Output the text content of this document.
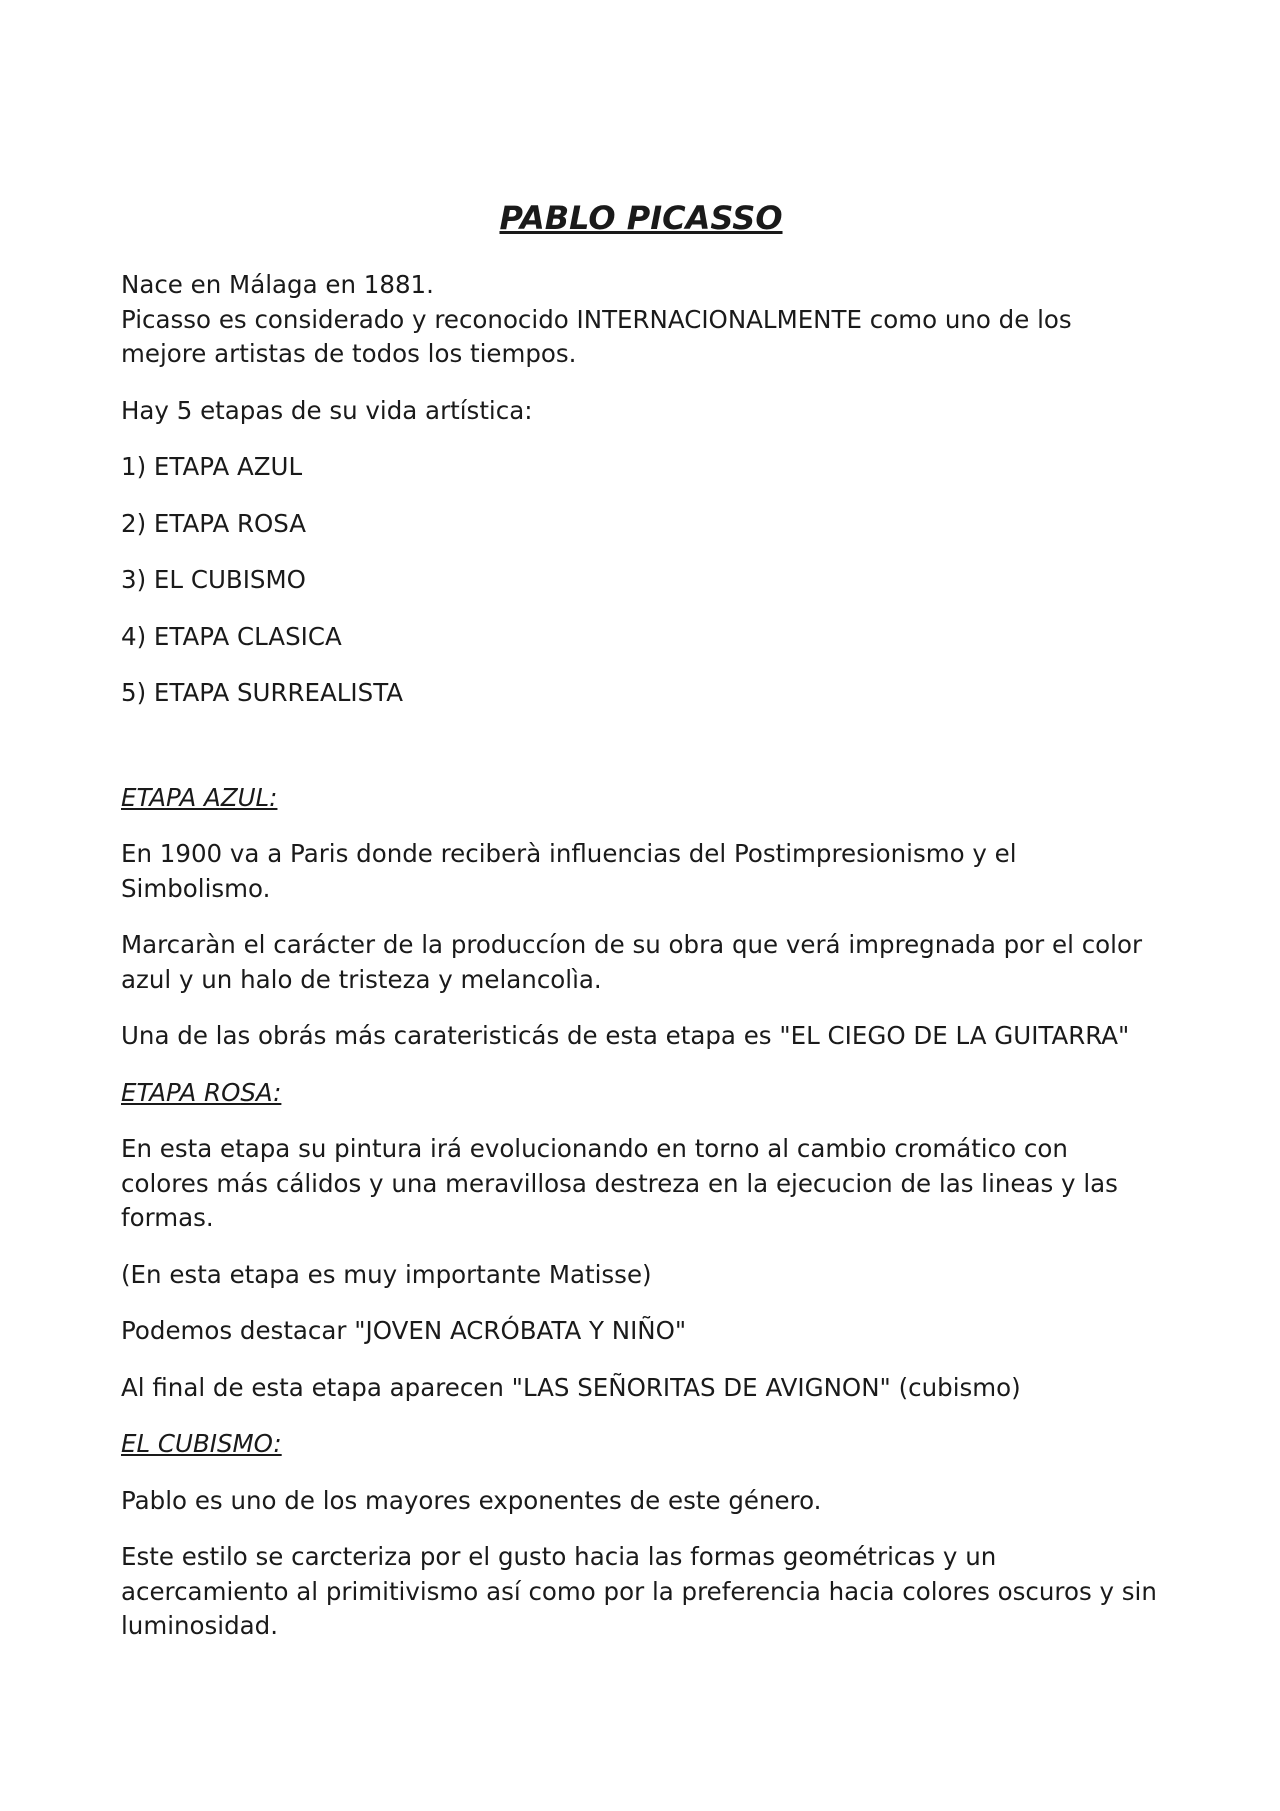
PABLO PICASSO

Nace en Málaga en 1881.

Picasso es considerado y reconocido INTERNACIONALMENTE como uno de los mejore artistas de todos los tiempos.

Hay 5 etapas de su vida artística:

1) ETAPA AZUL

2) ETAPA ROSA

3) EL CUBISMO

4) ETAPA CLASICA

5) ETAPA SURREALISTA

ETAPA AZUL:

En 1900 va a Paris donde reciberà influencias del Postimpresionismo y el Simbolismo.

Marcaràn el carácter de la produccíon de su obra que verá impregnada por el color azul y un halo de tristeza y melancolìa.

Una de las obrás más carateristicás de esta etapa es "EL CIEGO DE LA GUITARRA"

ETAPA ROSA:

En esta etapa su pintura irá evolucionando en torno al cambio cromático con colores más cálidos y una meravillosa destreza en la ejecucion de las lineas y las formas.

(En esta etapa es muy importante Matisse)

Podemos destacar "JOVEN ACRÓBATA Y NIÑO"

Al final de esta etapa aparecen "LAS SEÑORITAS DE AVIGNON" (cubismo)

EL CUBISMO:

Pablo es uno de los mayores exponentes de este género.

Este estilo se carcteriza por el gusto hacia las formas geométricas y un acercamiento al primitivismo así como por la preferencia hacia colores oscuros y sin luminosidad.
